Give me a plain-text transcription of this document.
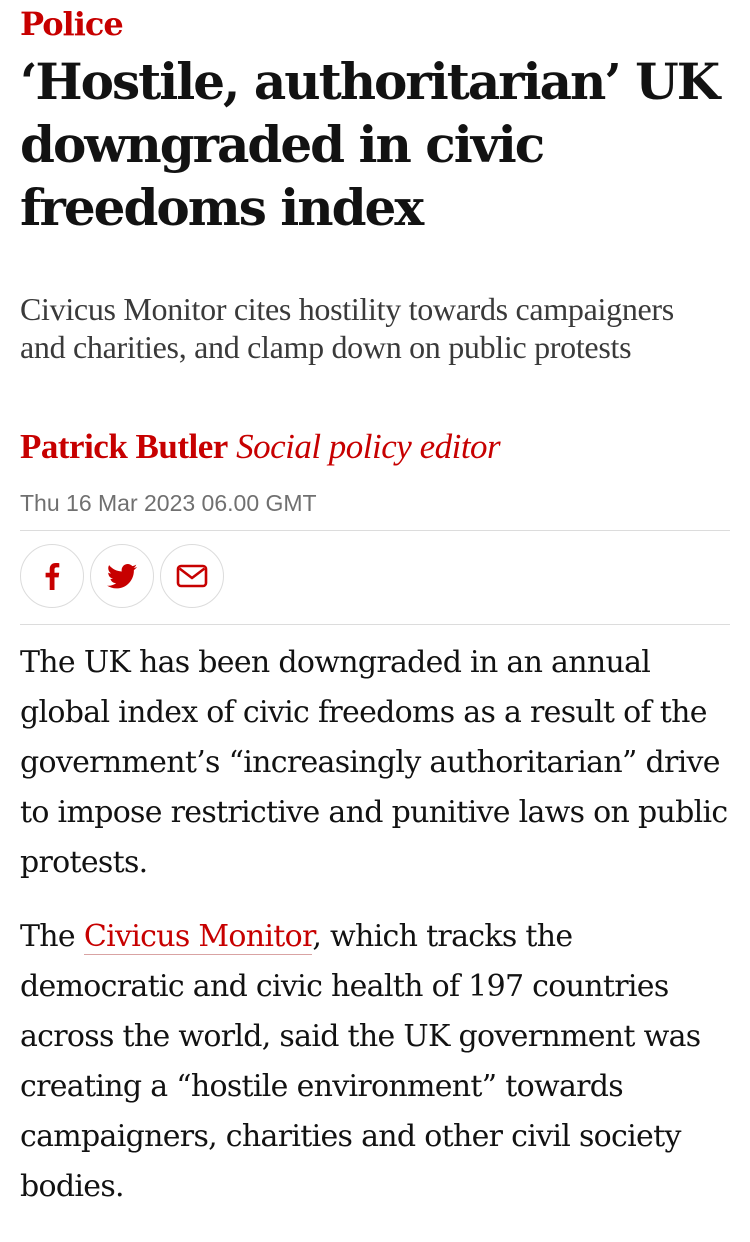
Police
‘Hostile, authoritarian’ UK downgraded in civic freedoms index
Civicus Monitor cites hostility towards campaigners and charities, and clamp down on public protests
Patrick Butler Social policy editor
Thu 16 Mar 2023 06.00 GMT

The UK has been downgraded in an annual global index of civic freedoms as a result of the government’s “increasingly authoritarian” drive to impose restrictive and punitive laws on public protests.

The Civicus Monitor, which tracks the democratic and civic health of 197 countries across the world, said the UK government was creating a “hostile environment” towards campaigners, charities and other civil society bodies.
